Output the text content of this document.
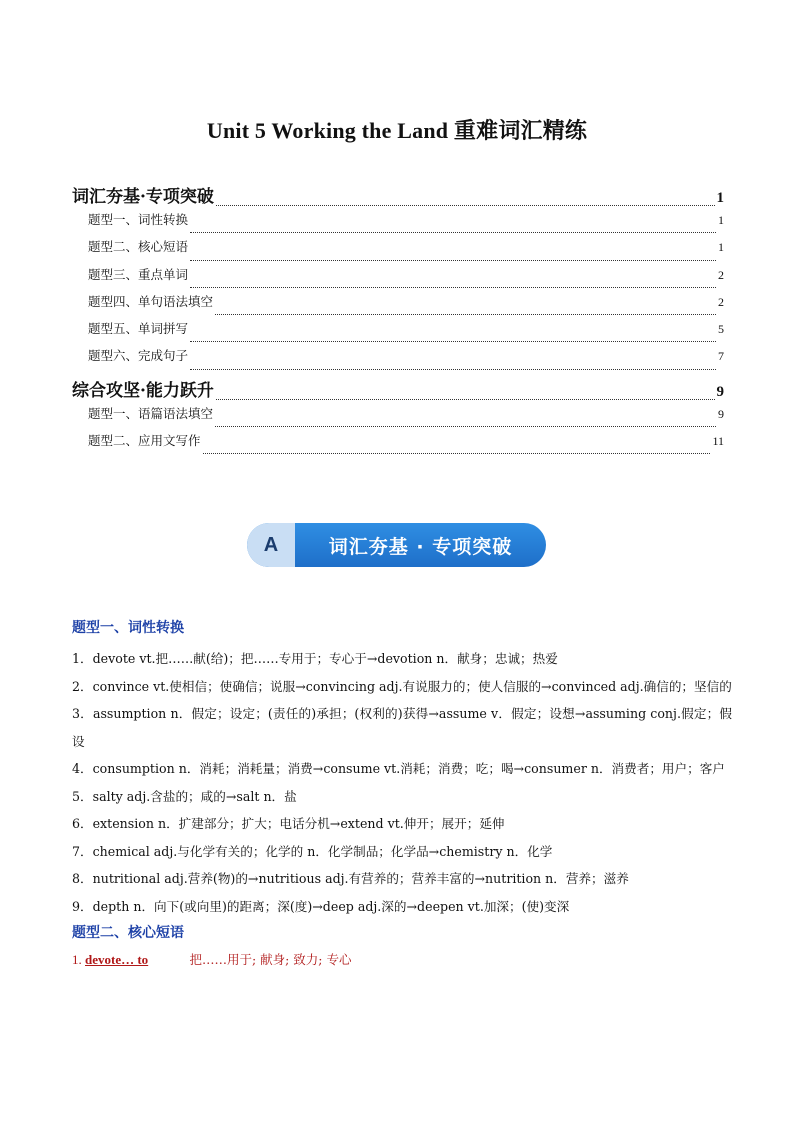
Unit 5 Working the Land 重难词汇精练
词汇夯基·专项突破	1
题型一、词性转换	1
题型二、核心短语	1
题型三、重点单词	2
题型四、单句语法填空	2
题型五、单词拼写	5
题型六、完成句子	7
综合攻坚·能力跃升	9
题型一、语篇语法填空	9
题型二、应用文写作	11
A	词汇夯基 · 专项突破
题型一、词性转换
1．devote vt.把……献(给)；把……专用于；专心于→devotion n．献身；忠诚；热爱
2．convince vt.使相信；使确信；说服→convincing adj.有说服力的；使人信服的→convinced adj.确信的；坚信的
3．assumption n．假定；设定；(责任的)承担；(权利的)获得→assume v．假定；设想→assuming conj.假定；假设
4．consumption n．消耗；消耗量；消费→consume vt.消耗；消费；吃；喝→consumer n．消费者；用户；客户
5．salty adj.含盐的；咸的→salt n．盐
6．extension n．扩建部分；扩大；电话分机→extend vt.伸开；展开；延伸
7．chemical adj.与化学有关的；化学的 n．化学制品；化学品→chemistry n．化学
8．nutritional adj.营养(物)的→nutritious adj.有营养的；营养丰富的→nutrition n．营养；滋养
9．depth n．向下(或向里)的距离；深(度)→deep adj.深的→deepen vt.加深；(使)变深
题型二、核心短语
1. devote… to	把……用于; 献身; 致力; 专心
